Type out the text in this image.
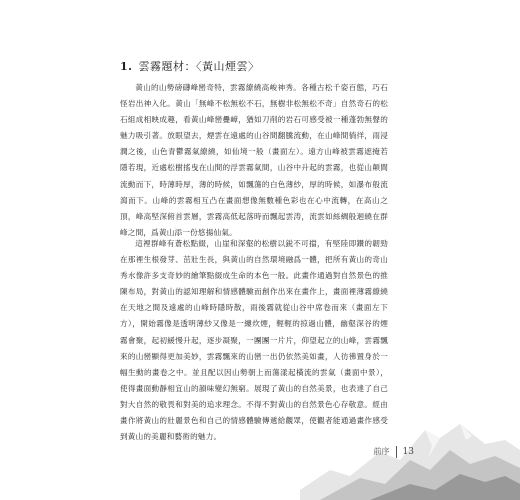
1. 雲霧題材：〈黃山煙雲〉

黃山的山勢磅礴峰巒奇特，雲霧繚繞高峻神秀。各種古松千姿百態，巧石怪岩出神入化。黃山「無峰不松無松不石，無樹非松無松不奇」自然奇石的松石組成相映成趣，看黃山峰巒疊嶂，猶如刀削的岩石可感受被一種蓬勃無聲的魅力吸引著。放眼望去，煙雲在遠處的山谷間翻騰流動，在山峰間徜徉，雨浸潤之後，山色青鬱霧氣繚繞，如仙境一般（畫面左）。遠方山峰被雲霧遮掩若隱若現，近處松樹搖曳在山間的浮雲霧氣間，山谷中升起的雲霧，也從山顛間流動而下，時薄時厚，薄的時候，如飄蕩的白色薄紗，厚的時候，如瀑布般流瀉而下。山峰的雲霧相互凸在畫面想像無數種色彩也在心中流轉，在高山之頂，峰高堅深俯首雲層，雲霧高低起落時而飄起雲涛，流雲如絲綢般迴繞在群峰之間，爲黃山添一份悠揚仙氣。

這裡群峰有蒼松點綴，山崖和深壑的松樹以鋭不可擋，有堅陸即鑽的韌勁在那裡生根發芽、茁壯生長，與黃山的自然環境融爲一體，把所有黃山的奇山秀水像許多支奇妙的繪筆點綴成生命的本色一般。此畫作通過對自然景色的推陳布局，對黃山的認知理解和情感體驗而創作出來在畫作上，畫面裡薄霧繚繞在天地之間及遠處的山峰時隱時散，雨後霧就從山谷中席卷而來（畫面左下方），開始霧像是透明薄紗又像是一縷炊煙，輕輕的掠過山體，幽壑深谷的煙霧會聚，起初緩慢升起，逐步凝聚，一團團一片片，仰望起立的山峰，雲霧飄來的山巒顯得更加美妙，雲霧飄來的山巒一出仍依然美如畫，人彷彿置身於一幅生動的畫卷之中。並且配以因山勢朝上而蕩漾起橫流的雲氣（畫面中景），使得畫面動靜相宜山的韻味變幻無窮。展現了黃山的自然美景，也表達了自己對大自然的敬畏和對美的追求理念。不得不對黃山的自然景色心存敬意。經由畫作將黃山的壯麗景色和自己的情感體驗傳遞給觀眾，使觀者能通過畫作感受到黃山的美麗和藝術的魅力。

前序 13
